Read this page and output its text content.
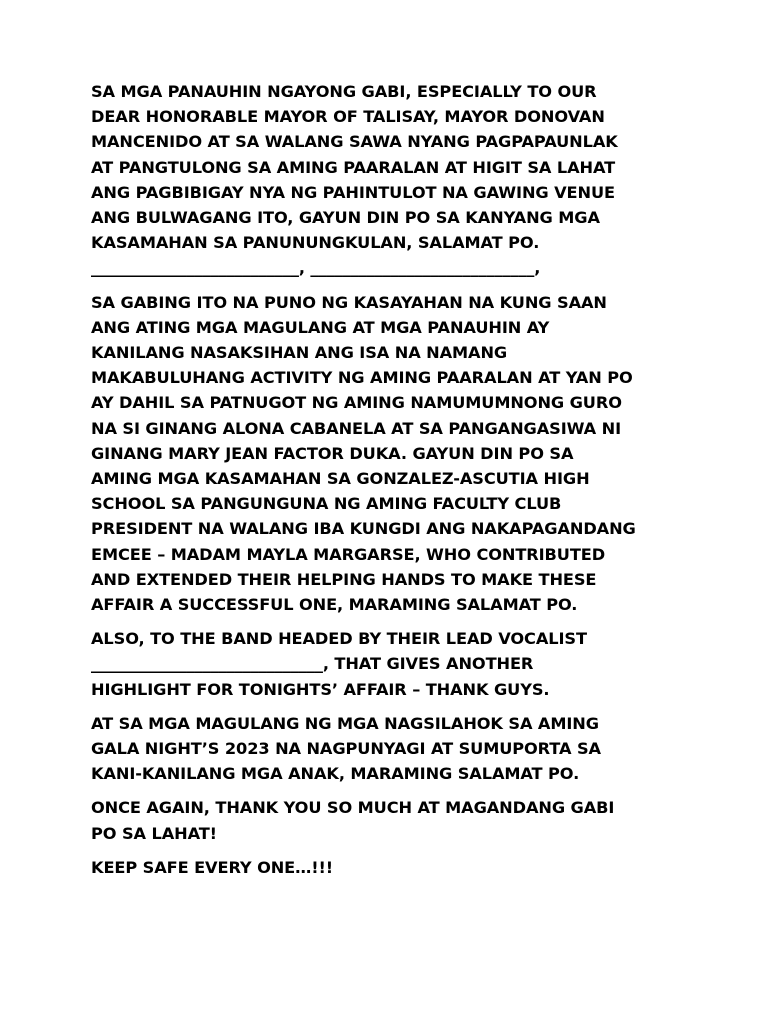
SA MGA PANAUHIN NGAYONG GABI, ESPECIALLY TO OUR
DEAR HONORABLE MAYOR OF TALISAY, MAYOR DONOVAN
MANCENIDO AT SA WALANG SAWA NYANG PAGPAPAUNLAK
AT PANGTULONG SA AMING PAARALAN AT HIGIT SA LAHAT
ANG PAGBIBIGAY NYA NG PAHINTULOT NA GAWING VENUE
ANG BULWAGANG ITO, GAYUN DIN PO SA KANYANG MGA
KASAMAHAN SA PANUNUNGKULAN, SALAMAT PO.
__________________________, ____________________________,
SA GABING ITO NA PUNO NG KASAYAHAN NA KUNG SAAN
ANG ATING MGA MAGULANG AT MGA PANAUHIN AY
KANILANG NASAKSIHAN ANG ISA NA NAMANG
MAKABULUHANG ACTIVITY NG AMING PAARALAN AT YAN PO
AY DAHIL SA PATNUGOT NG AMING NAMUMUMNONG GURO
NA SI GINANG ALONA CABANELA AT SA PANGANGASIWA NI
GINANG MARY JEAN FACTOR DUKA. GAYUN DIN PO SA
AMING MGA KASAMAHAN SA GONZALEZ-ASCUTIA HIGH
SCHOOL SA PANGUNGUNA NG AMING FACULTY CLUB
PRESIDENT NA WALANG IBA KUNGDI ANG NAKAPAGANDANG
EMCEE – MADAM MAYLA MARGARSE, WHO CONTRIBUTED
AND EXTENDED THEIR HELPING HANDS TO MAKE THESE
AFFAIR A SUCCESSFUL ONE, MARAMING SALAMAT PO.
ALSO, TO THE BAND HEADED BY THEIR LEAD VOCALIST
_____________________________, THAT GIVES ANOTHER
HIGHLIGHT FOR TONIGHTS’ AFFAIR – THANK GUYS.
AT SA MGA MAGULANG NG MGA NAGSILAHOK SA AMING
GALA NIGHT’S 2023 NA NAGPUNYAGI AT SUMUPORTA SA
KANI-KANILANG MGA ANAK, MARAMING SALAMAT PO.
ONCE AGAIN, THANK YOU SO MUCH AT MAGANDANG GABI
PO SA LAHAT!
KEEP SAFE EVERY ONE…!!!
